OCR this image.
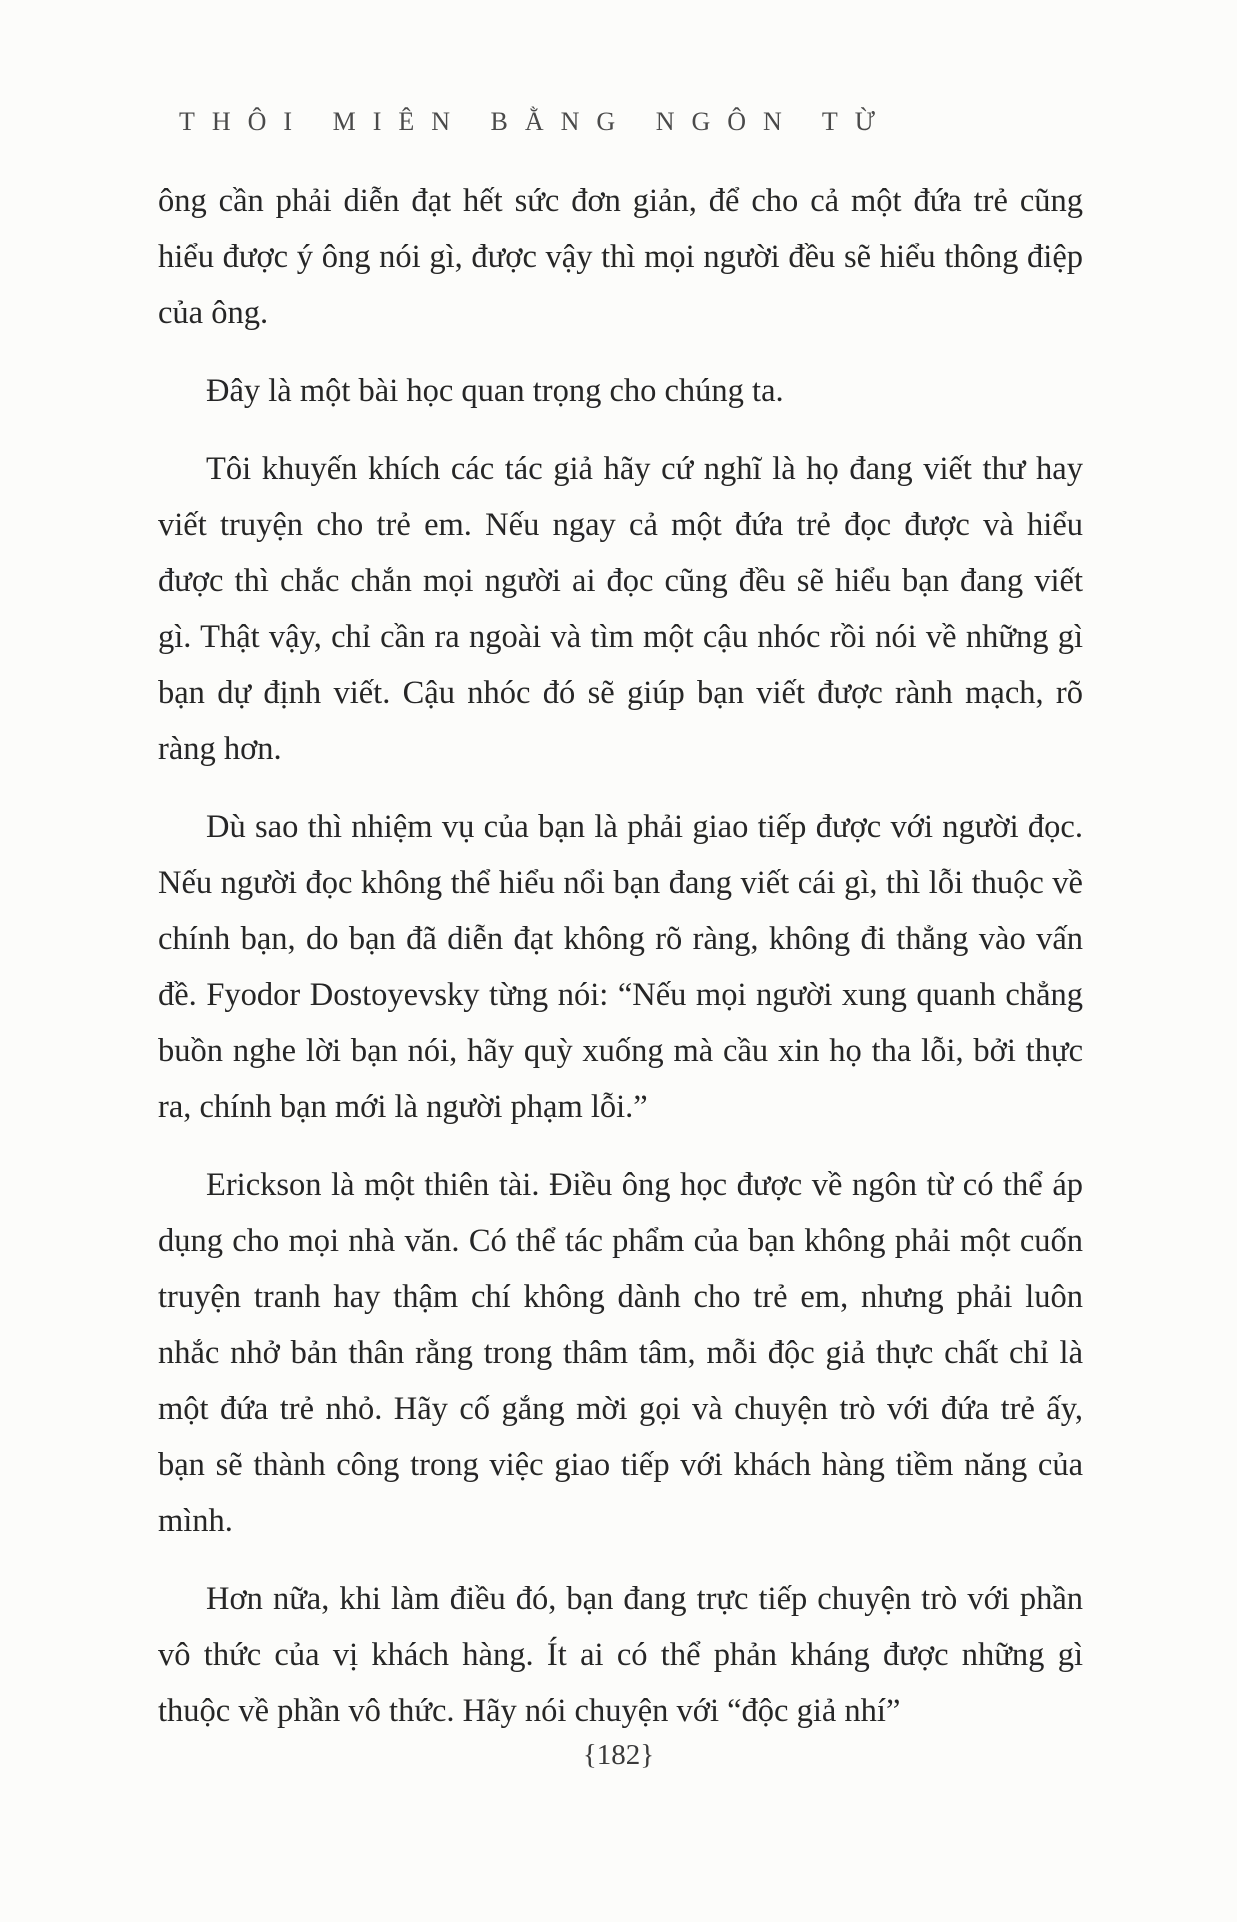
THÔI MIÊN BẰNG NGÔN TỪ

ông cần phải diễn đạt hết sức đơn giản, để cho cả một đứa trẻ cũng hiểu được ý ông nói gì, được vậy thì mọi người đều sẽ hiểu thông điệp của ông.

Đây là một bài học quan trọng cho chúng ta.

Tôi khuyến khích các tác giả hãy cứ nghĩ là họ đang viết thư hay viết truyện cho trẻ em. Nếu ngay cả một đứa trẻ đọc được và hiểu được thì chắc chắn mọi người ai đọc cũng đều sẽ hiểu bạn đang viết gì. Thật vậy, chỉ cần ra ngoài và tìm một cậu nhóc rồi nói về những gì bạn dự định viết. Cậu nhóc đó sẽ giúp bạn viết được rành mạch, rõ ràng hơn.

Dù sao thì nhiệm vụ của bạn là phải giao tiếp được với người đọc. Nếu người đọc không thể hiểu nổi bạn đang viết cái gì, thì lỗi thuộc về chính bạn, do bạn đã diễn đạt không rõ ràng, không đi thẳng vào vấn đề. Fyodor Dostoyevsky từng nói: “Nếu mọi người xung quanh chẳng buồn nghe lời bạn nói, hãy quỳ xuống mà cầu xin họ tha lỗi, bởi thực ra, chính bạn mới là người phạm lỗi.”

Erickson là một thiên tài. Điều ông học được về ngôn từ có thể áp dụng cho mọi nhà văn. Có thể tác phẩm của bạn không phải một cuốn truyện tranh hay thậm chí không dành cho trẻ em, nhưng phải luôn nhắc nhở bản thân rằng trong thâm tâm, mỗi độc giả thực chất chỉ là một đứa trẻ nhỏ. Hãy cố gắng mời gọi và chuyện trò với đứa trẻ ấy, bạn sẽ thành công trong việc giao tiếp với khách hàng tiềm năng của mình.

Hơn nữa, khi làm điều đó, bạn đang trực tiếp chuyện trò với phần vô thức của vị khách hàng. Ít ai có thể phản kháng được những gì thuộc về phần vô thức. Hãy nói chuyện với “độc giả nhí”

{182}
